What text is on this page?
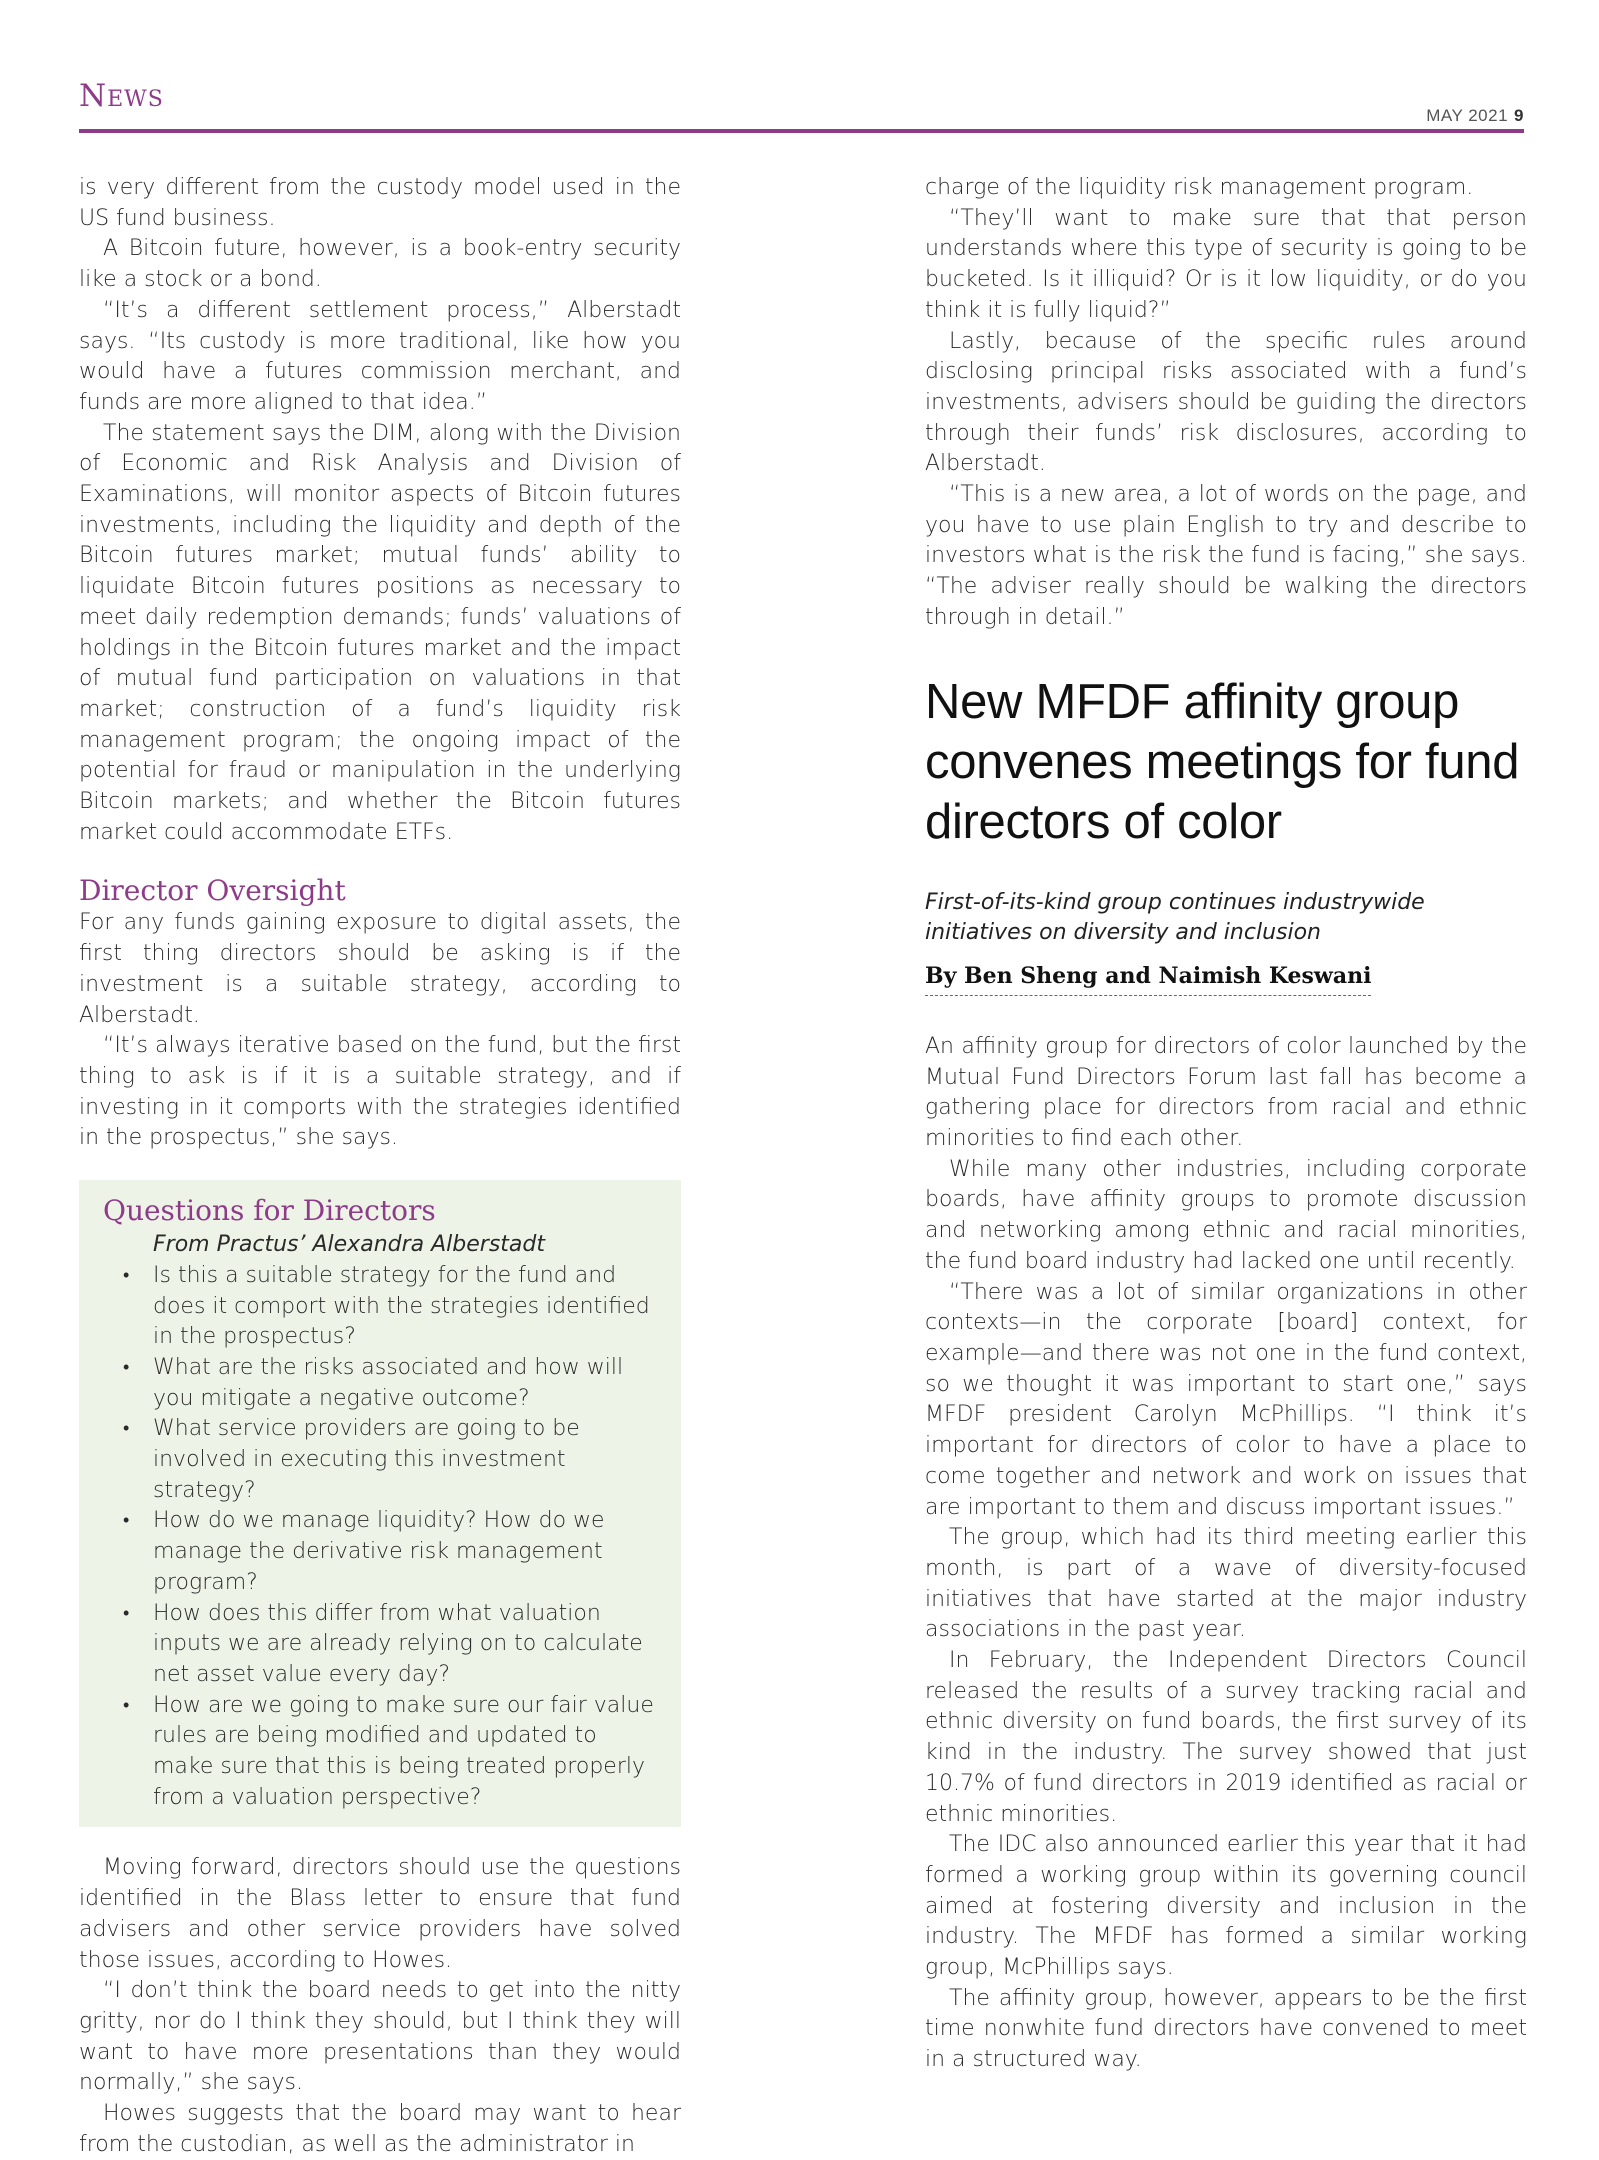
News
MAY 2021 9

is very different from the custody model used in the US fund business.

A Bitcoin future, however, is a book-entry security like a stock or a bond.

“It’s a different settlement process,” Alberstadt says. “Its custody is more traditional, like how you would have a futures commission merchant, and funds are more aligned to that idea.”

The statement says the DIM, along with the Division of Economic and Risk Analysis and Division of Examinations, will monitor aspects of Bitcoin futures investments, including the liquidity and depth of the Bitcoin futures market; mutual funds’ ability to liquidate Bitcoin futures positions as necessary to meet daily redemption demands; funds’ valuations of holdings in the Bitcoin futures market and the impact of mutual fund participation on valuations in that market; construction of a fund’s liquidity risk management program; the ongoing impact of the potential for fraud or manipulation in the underlying Bitcoin markets; and whether the Bitcoin futures market could accommodate ETFs.

Director Oversight

For any funds gaining exposure to digital assets, the first thing directors should be asking is if the investment is a suitable strategy, according to Alberstadt.

“It’s always iterative based on the fund, but the first thing to ask is if it is a suitable strategy, and if investing in it comports with the strategies identified in the prospectus,” she says.

Questions for Directors
From Practus’ Alexandra Alberstadt
• Is this a suitable strategy for the fund and does it comport with the strategies identified in the prospectus?
• What are the risks associated and how will you mitigate a negative outcome?
• What service providers are going to be involved in executing this investment strategy?
• How do we manage liquidity? How do we manage the derivative risk management program?
• How does this differ from what valuation inputs we are already relying on to calculate net asset value every day?
• How are we going to make sure our fair value rules are being modified and updated to make sure that this is being treated properly from a valuation perspective?

Moving forward, directors should use the questions identified in the Blass letter to ensure that fund advisers and other service providers have solved those issues, according to Howes.

“I don’t think the board needs to get into the nitty gritty, nor do I think they should, but I think they will want to have more presentations than they would normally,” she says.

Howes suggests that the board may want to hear from the custodian, as well as the administrator in

charge of the liquidity risk management program.

“They’ll want to make sure that that person understands where this type of security is going to be bucketed. Is it illiquid? Or is it low liquidity, or do you think it is fully liquid?”

Lastly, because of the specific rules around disclosing principal risks associated with a fund’s investments, advisers should be guiding the directors through their funds’ risk disclosures, according to Alberstadt.

“This is a new area, a lot of words on the page, and you have to use plain English to try and describe to investors what is the risk the fund is facing,” she says. “The adviser really should be walking the directors through in detail.”

New MFDF affinity group convenes meetings for fund directors of color
First-of-its-kind group continues industrywide initiatives on diversity and inclusion
By Ben Sheng and Naimish Keswani

An affinity group for directors of color launched by the Mutual Fund Directors Forum last fall has become a gathering place for directors from racial and ethnic minorities to find each other.

While many other industries, including corporate boards, have affinity groups to promote discussion and networking among ethnic and racial minorities, the fund board industry had lacked one until recently.

“There was a lot of similar organizations in other contexts—in the corporate [board] context, for example—and there was not one in the fund context, so we thought it was important to start one,” says MFDF president Carolyn McPhillips. “I think it’s important for directors of color to have a place to come together and network and work on issues that are important to them and discuss important issues.”

The group, which had its third meeting earlier this month, is part of a wave of diversity-focused initiatives that have started at the major industry associations in the past year.

In February, the Independent Directors Council released the results of a survey tracking racial and ethnic diversity on fund boards, the first survey of its kind in the industry. The survey showed that just 10.7% of fund directors in 2019 identified as racial or ethnic minorities.

The IDC also announced earlier this year that it had formed a working group within its governing council aimed at fostering diversity and inclusion in the industry. The MFDF has formed a similar working group, McPhillips says.

The affinity group, however, appears to be the first time nonwhite fund directors have convened to meet in a structured way.
